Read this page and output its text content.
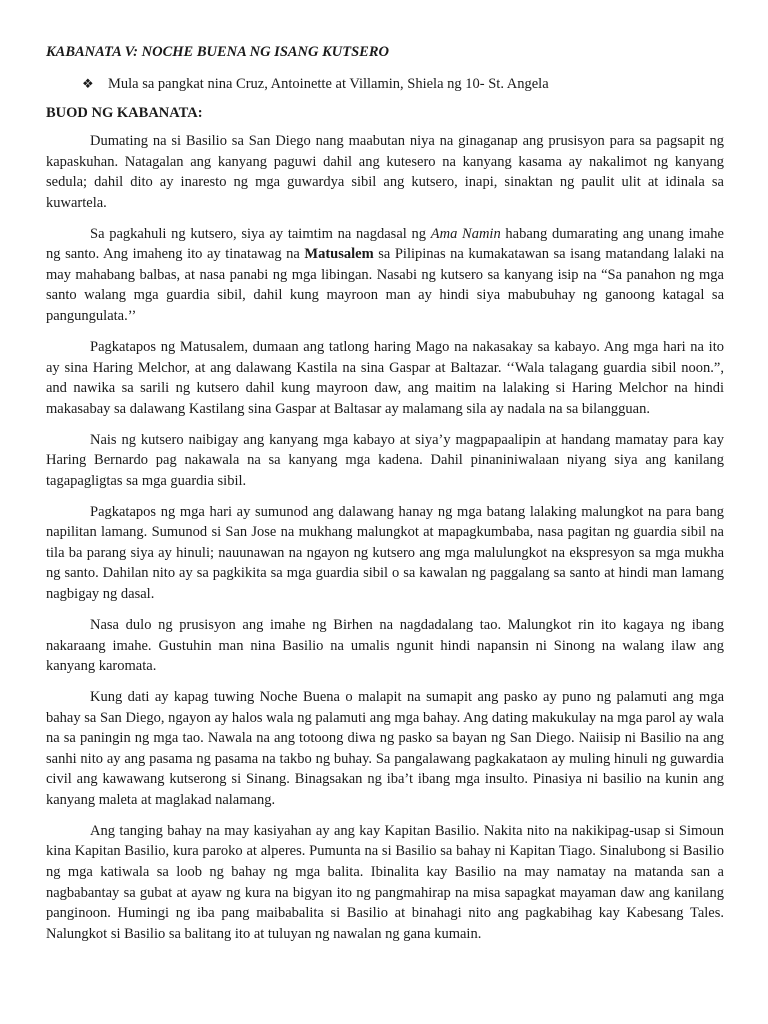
KABANATA V: NOCHE BUENA NG ISANG KUTSERO
❖ Mula sa pangkat nina Cruz, Antoinette at Villamin, Shiela ng 10- St. Angela
BUOD NG KABANATA:

Dumating na si Basilio sa San Diego nang maabutan niya na ginaganap ang prusisyon para sa pagsapit ng kapaskuhan. Natagalan ang kanyang paguwi dahil ang kutesero na kanyang kasama ay nakalimot ng kanyang sedula; dahil dito ay inaresto ng mga guwardya sibil ang kutsero, inapi, sinaktan ng paulit ulit at idinala sa kuwartela.

Sa pagkahuli ng kutsero, siya ay taimtim na nagdasal ng Ama Namin habang dumarating ang unang imahe ng santo. Ang imaheng ito ay tinatawag na Matusalem sa Pilipinas na kumakatawan sa isang matandang lalaki na may mahabang balbas, at nasa panabi ng mga libingan. Nasabi ng kutsero sa kanyang isip na “Sa panahon ng mga santo walang mga guardia sibil, dahil kung mayroon man ay hindi siya mabubuhay ng ganoong katagal sa pangungulata.’’

Pagkatapos ng Matusalem, dumaan ang tatlong haring Mago na nakasakay sa kabayo. Ang mga hari na ito ay sina Haring Melchor, at ang dalawang Kastila na sina Gaspar at Baltazar. ‘‘Wala talagang guardia sibil noon.”, and nawika sa sarili ng kutsero dahil kung mayroon daw, ang maitim na lalaking si Haring Melchor na hindi makasabay sa dalawang Kastilang sina Gaspar at Baltasar ay malamang sila ay nadala na sa bilangguan.

Nais ng kutsero naibigay ang kanyang mga kabayo at siya’y magpapaalipin at handang mamatay para kay Haring Bernardo pag nakawala na sa kanyang mga kadena. Dahil pinaniniwalaan niyang siya ang kanilang tagapagligtas sa mga guardia sibil.

Pagkatapos ng mga hari ay sumunod ang dalawang hanay ng mga batang lalaking malungkot na para bang napilitan lamang. Sumunod si San Jose na mukhang malungkot at mapagkumbaba, nasa pagitan ng guardia sibil na tila ba parang siya ay hinuli; nauunawan na ngayon ng kutsero ang mga malulungkot na ekspresyon sa mga mukha ng santo. Dahilan nito ay sa pagkikita sa mga guardia sibil o sa kawalan ng paggalang sa santo at hindi man lamang nagbigay ng dasal.

Nasa dulo ng prusisyon ang imahe ng Birhen na nagdadalang tao. Malungkot rin ito kagaya ng ibang nakaraang imahe. Gustuhin man nina Basilio na umalis ngunit hindi napansin ni Sinong na walang ilaw ang kanyang karomata.

Kung dati ay kapag tuwing Noche Buena o malapit na sumapit ang pasko ay puno ng palamuti ang mga bahay sa San Diego, ngayon ay halos wala ng palamuti ang mga bahay. Ang dating makukulay na mga parol ay wala na sa paningin ng mga tao. Nawala na ang totoong diwa ng pasko sa bayan ng San Diego. Naiisip ni Basilio na ang sanhi nito ay ang pasama ng pasama na takbo ng buhay. Sa pangalawang pagkakataon ay muling hinuli ng guwardia civil ang kawawang kutserong si Sinang. Binagsakan ng iba’t ibang mga insulto. Pinasiya ni basilio na kunin ang kanyang maleta at maglakad nalamang.

Ang tanging bahay na may kasiyahan ay ang kay Kapitan Basilio. Nakita nito na nakikipag-usap si Simoun kina Kapitan Basilio, kura paroko at alperes. Pumunta na si Basilio sa bahay ni Kapitan Tiago. Sinalubong si Basilio ng mga katiwala sa loob ng bahay ng mga balita. Ibinalita kay Basilio na may namatay na matanda san a nagbabantay sa gubat at ayaw ng kura na bigyan ito ng pangmahirap na misa sapagkat mayaman daw ang kanilang panginoon. Humingi ng iba pang maibabalita si Basilio at binahagi nito ang pagkabihag kay Kabesang Tales. Nalungkot si Basilio sa balitang ito at tuluyan ng nawalan ng gana kumain.
